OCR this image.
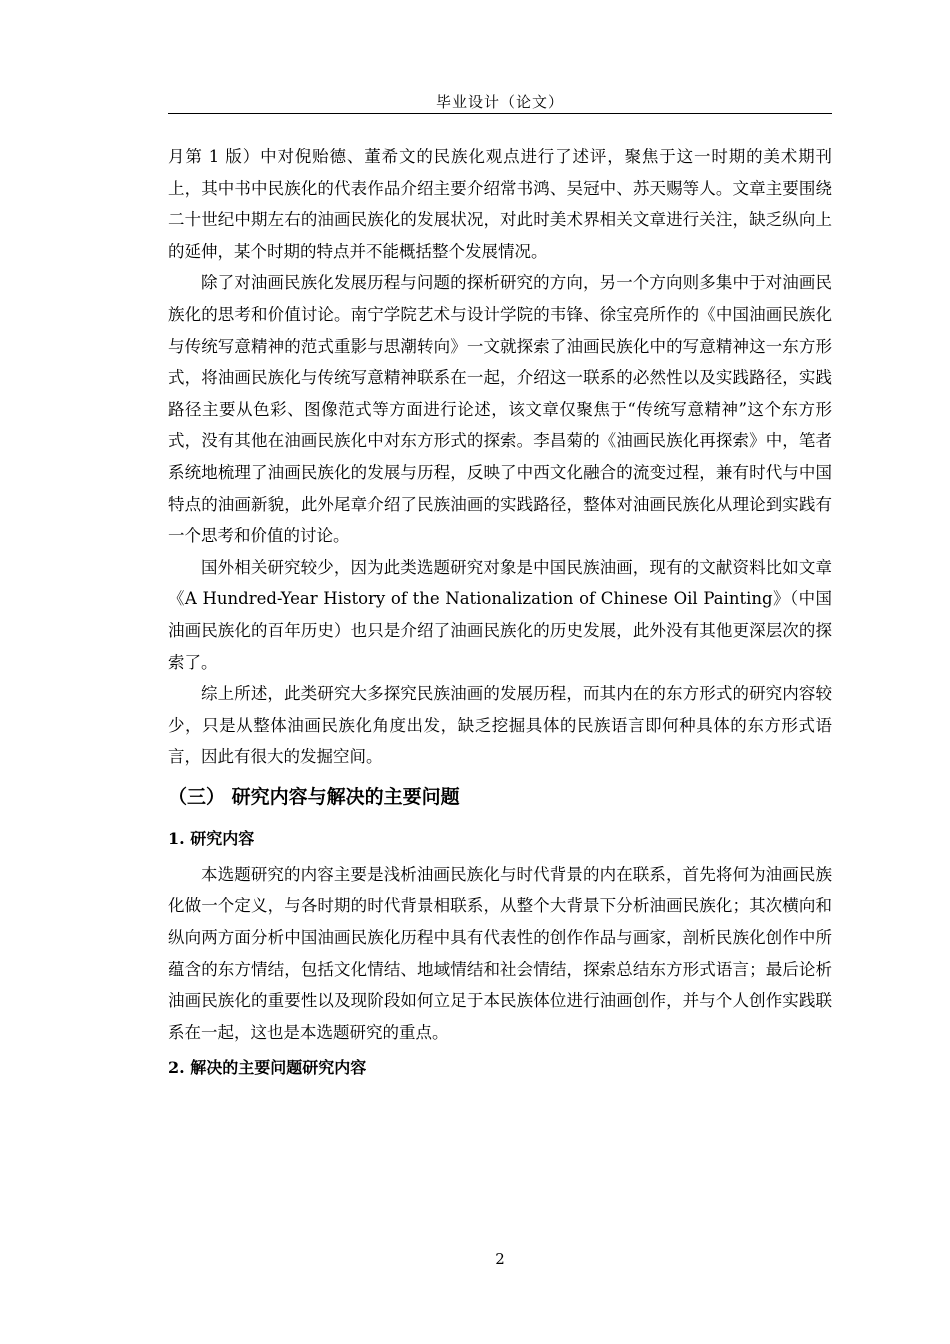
毕业设计（论文）

月第 1 版）中对倪贻德、董希文的民族化观点进行了述评，聚焦于这一时期的美术期刊上，其中书中民族化的代表作品介绍主要介绍常书鸿、吴冠中、苏天赐等人。文章主要围绕二十世纪中期左右的油画民族化的发展状况，对此时美术界相关文章进行关注，缺乏纵向上的延伸，某个时期的特点并不能概括整个发展情况。

除了对油画民族化发展历程与问题的探析研究的方向，另一个方向则多集中于对油画民族化的思考和价值讨论。南宁学院艺术与设计学院的韦锋、徐宝亮所作的《中国油画民族化与传统写意精神的范式重影与思潮转向》一文就探索了油画民族化中的写意精神这一东方形式，将油画民族化与传统写意精神联系在一起，介绍这一联系的必然性以及实践路径，实践路径主要从色彩、图像范式等方面进行论述，该文章仅聚焦于“传统写意精神”这个东方形式，没有其他在油画民族化中对东方形式的探索。李昌菊的《油画民族化再探索》中，笔者系统地梳理了油画民族化的发展与历程，反映了中西文化融合的流变过程，兼有时代与中国特点的油画新貌，此外尾章介绍了民族油画的实践路径，整体对油画民族化从理论到实践有一个思考和价值的讨论。

国外相关研究较少，因为此类选题研究对象是中国民族油画，现有的文献资料比如文章《A Hundred-Year History of the Nationalization of Chinese Oil Painting》（中国油画民族化的百年历史）也只是介绍了油画民族化的历史发展，此外没有其他更深层次的探索了。

综上所述，此类研究大多探究民族油画的发展历程，而其内在的东方形式的研究内容较少，只是从整体油画民族化角度出发，缺乏挖掘具体的民族语言即何种具体的东方形式语言，因此有很大的发掘空间。

（三） 研究内容与解决的主要问题
1. 研究内容

本选题研究的内容主要是浅析油画民族化与时代背景的内在联系，首先将何为油画民族化做一个定义，与各时期的时代背景相联系，从整个大背景下分析油画民族化；其次横向和纵向两方面分析中国油画民族化历程中具有代表性的创作作品与画家，剖析民族化创作中所蕴含的东方情结，包括文化情结、地域情结和社会情结，探索总结东方形式语言；最后论析油画民族化的重要性以及现阶段如何立足于本民族体位进行油画创作，并与个人创作实践联系在一起，这也是本选题研究的重点。

2. 解决的主要问题研究内容
2
